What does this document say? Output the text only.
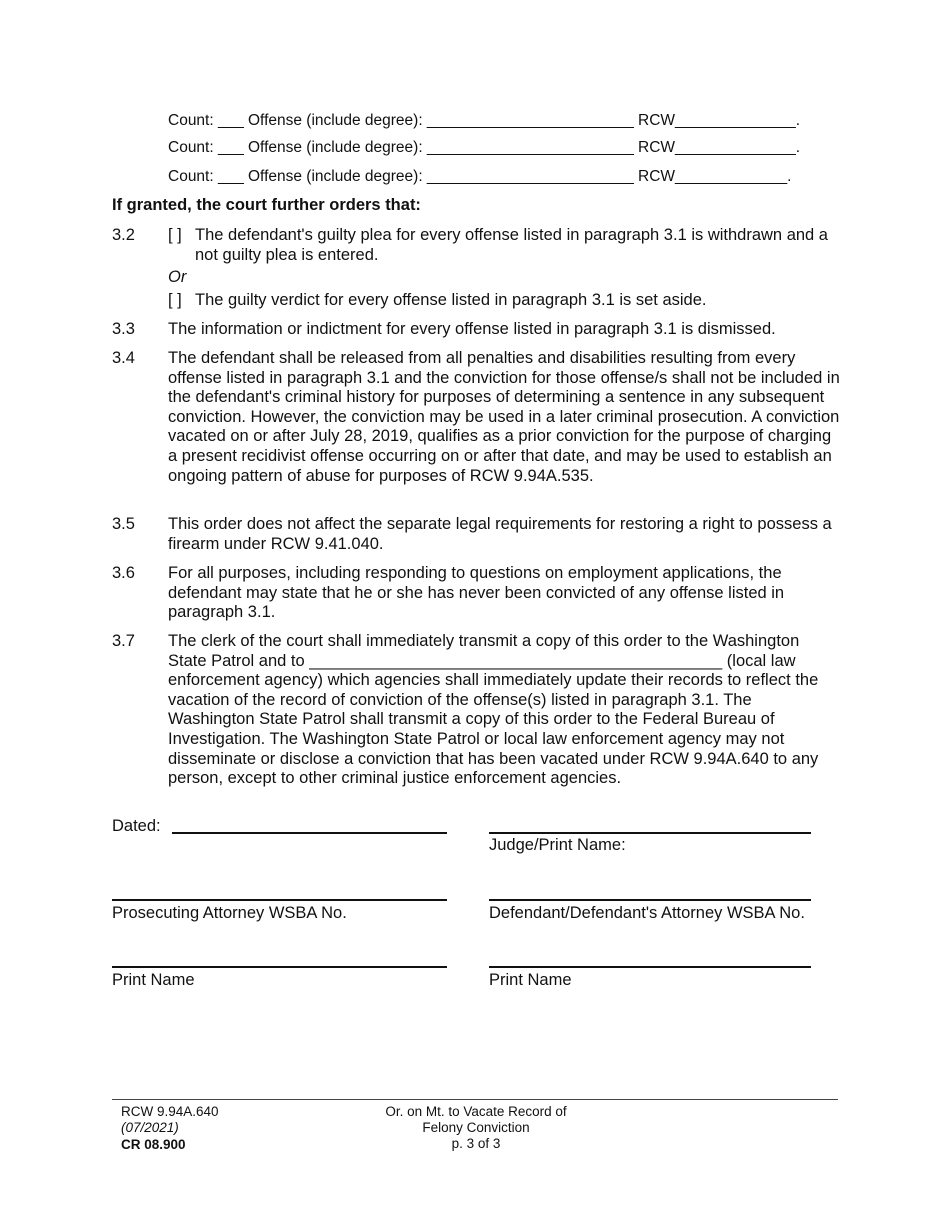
Count: ___ Offense (include degree): ________________________ RCW______________.
Count: ___ Offense (include degree): ________________________ RCW______________.
Count: ___ Offense (include degree): ________________________ RCW_____________.
If granted, the court further orders that:
3.2 [ ] The defendant's guilty plea for every offense listed in paragraph 3.1 is withdrawn and a not guilty plea is entered.
Or
[ ] The guilty verdict for every offense listed in paragraph 3.1 is set aside.
3.3 The information or indictment for every offense listed in paragraph 3.1 is dismissed.
3.4 The defendant shall be released from all penalties and disabilities resulting from every offense listed in paragraph 3.1 and the conviction for those offense/s shall not be included in the defendant's criminal history for purposes of determining a sentence in any subsequent conviction. However, the conviction may be used in a later criminal prosecution. A conviction vacated on or after July 28, 2019, qualifies as a prior conviction for the purpose of charging a present recidivist offense occurring on or after that date, and may be used to establish an ongoing pattern of abuse for purposes of RCW 9.94A.535.
3.5 This order does not affect the separate legal requirements for restoring a right to possess a firearm under RCW 9.41.040.
3.6 For all purposes, including responding to questions on employment applications, the defendant may state that he or she has never been convicted of any offense listed in paragraph 3.1.
3.7 The clerk of the court shall immediately transmit a copy of this order to the Washington State Patrol and to _____________________________________________ (local law enforcement agency) which agencies shall immediately update their records to reflect the vacation of the record of conviction of the offense(s) listed in paragraph 3.1. The Washington State Patrol shall transmit a copy of this order to the Federal Bureau of Investigation. The Washington State Patrol or local law enforcement agency may not disseminate or disclose a conviction that has been vacated under RCW 9.94A.640 to any person, except to other criminal justice enforcement agencies.
Dated:
Judge/Print Name:
Prosecuting Attorney WSBA No.	Defendant/Defendant's Attorney WSBA No.
Print Name	Print Name
RCW 9.94A.640
(07/2021)
CR 08.900
Or. on Mt. to Vacate Record of
Felony Conviction
p. 3 of 3
